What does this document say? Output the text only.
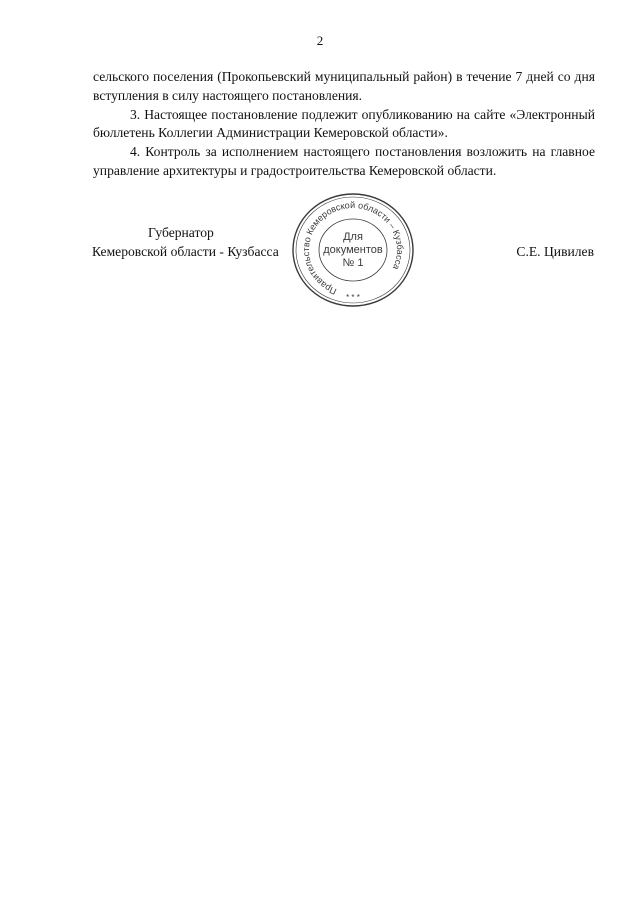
2

сельского поселения (Прокопьевский муниципальный район) в течение 7 дней со дня вступления в силу настоящего постановления.

3. Настоящее постановление подлежит опубликованию на сайте «Электронный бюллетень Коллегии Администрации Кемеровской области».

4. Контроль за исполнением настоящего постановления возложить на главное управление архитектуры и градостроительства Кемеровской области.

Губернатор
Кемеровской области - Кузбасса	С.Е. Цивилев
Правительство Кемеровской области – Кузбасса
Для
документов
№ 1
* * *
